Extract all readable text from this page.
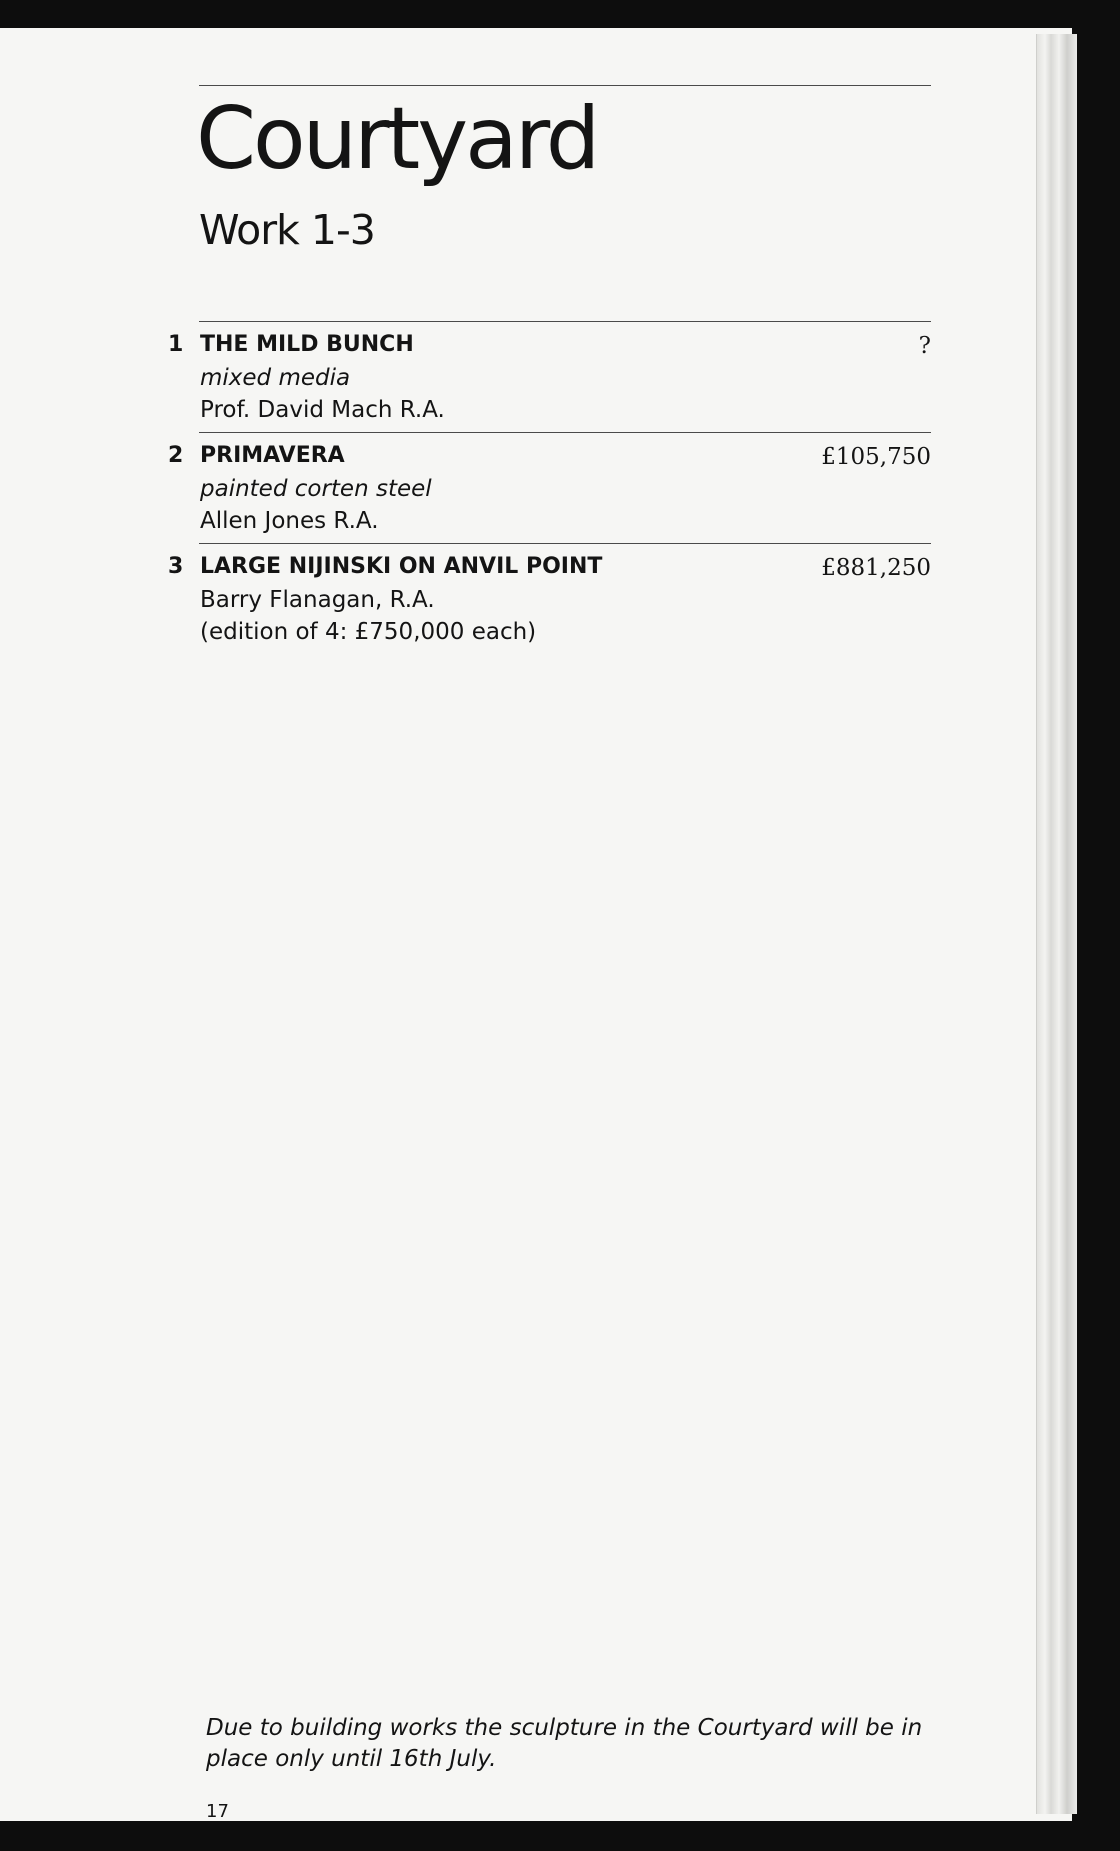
Courtyard
Work 1-3
1 THE MILD BUNCH	?
mixed media
Prof. David Mach R.A.
2 PRIMAVERA	£105,750
painted corten steel
Allen Jones R.A.
3 LARGE NIJINSKI ON ANVIL POINT	£881,250
Barry Flanagan, R.A.
(edition of 4: £750,000 each)

Due to building works the sculpture in the Courtyard will be in place only until 16th July.

17
